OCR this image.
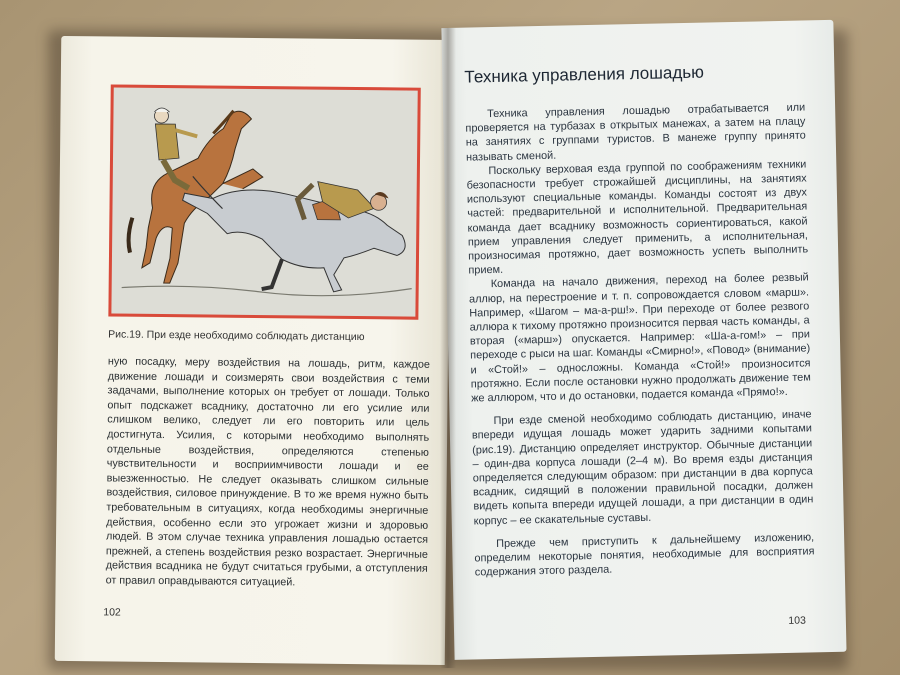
Рис.19. При езде необходимо соблюдать дистанцию

ную посадку, меру воздействия на лошадь, ритм, каждое движение лошади и соизмерять свои воздействия с теми задачами, выполнение которых он требует от лошади. Только опыт подскажет всаднику, достаточно ли его усилие или слишком велико, следует ли его повторить или цель достигнута. Усилия, с которыми необходимо выполнять отдельные воздействия, определяются степенью чувствительности и восприимчивости лошади и ее выезженностью. Не следует оказывать слишком сильные воздействия, силовое принуждение. В то же время нужно быть требовательным в ситуациях, когда необходимы энергичные действия, особенно если это угрожает жизни и здоровью людей. В этом случае техника управления лошадью остается прежней, а степень воздействия резко возрастает. Энергичные действия всадника не будут считаться грубыми, а отступления от правил оправдываются ситуацией.

102
Техника управления лошадью

Техника управления лошадью отрабатывается или проверяется на турбазах в открытых манежах, а затем на плацу на занятиях с группами туристов. В манеже группу принято называть сменой.

Поскольку верховая езда группой по соображениям техники безопасности требует строжайшей дисциплины, на занятиях используют специальные команды. Команды состоят из двух частей: предварительной и исполнительной. Предварительная команда дает всаднику возможность сориентироваться, какой прием управления следует применить, а исполнительная, произносимая протяжно, дает возможность успеть выполнить прием.

Команда на начало движения, переход на более резвый аллюр, на перестроение и т. п. сопровождается словом «марш». Например, «Шагом – ма-а-рш!». При переходе от более резвого аллюра к тихому протяжно произносится первая часть команды, а вторая («марш») опускается. Например: «Ша-а-гом!» – при переходе с рыси на шаг. Команды «Смирно!», «Повод» (внимание) и «Стой!» – односложны. Команда «Стой!» произносится протяжно. Если после остановки нужно продолжать движение тем же аллюром, что и до остановки, подается команда «Прямо!».

При езде сменой необходимо соблюдать дистанцию, иначе впереди идущая лошадь может ударить задними копытами (рис.19). Дистанцию определяет инструктор. Обычные дистанции – один-два корпуса лошади (2–4 м). Во время езды дистанция определяется следующим образом: при дистанции в два корпуса всадник, сидящий в положении правильной посадки, должен видеть копыта впереди идущей лошади, а при дистанции в один корпус – ее скакательные суставы.

Прежде чем приступить к дальнейшему изложению, определим некоторые понятия, необходимые для восприятия содержания этого раздела.

103
